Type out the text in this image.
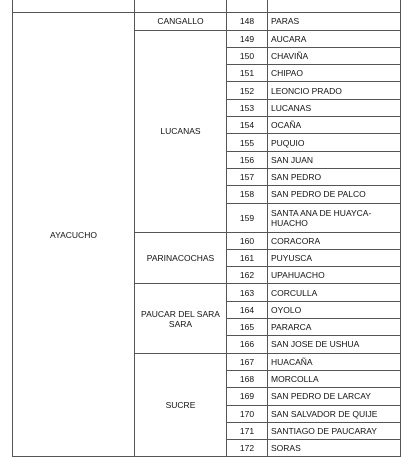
AYACUCHO	CANGALLO	148	PARAS
	LUCANAS	149	AUCARA
		150	CHAVIÑA
		151	CHIPAO
		152	LEONCIO PRADO
		153	LUCANAS
		154	OCAÑA
		155	PUQUIO
		156	SAN JUAN
		157	SAN PEDRO
		158	SAN PEDRO DE PALCO
		159	SANTA ANA DE HUAYCA-HUACHO
	PARINACOCHAS	160	CORACORA
		161	PUYUSCA
		162	UPAHUACHO
	PAUCAR DEL SARA SARA	163	CORCULLA
		164	OYOLO
		165	PARARCA
		166	SAN JOSE DE USHUA
	SUCRE	167	HUACAÑA
		168	MORCOLLA
		169	SAN PEDRO DE LARCAY
		170	SAN SALVADOR DE QUIJE
		171	SANTIAGO DE PAUCARAY
		172	SORAS
